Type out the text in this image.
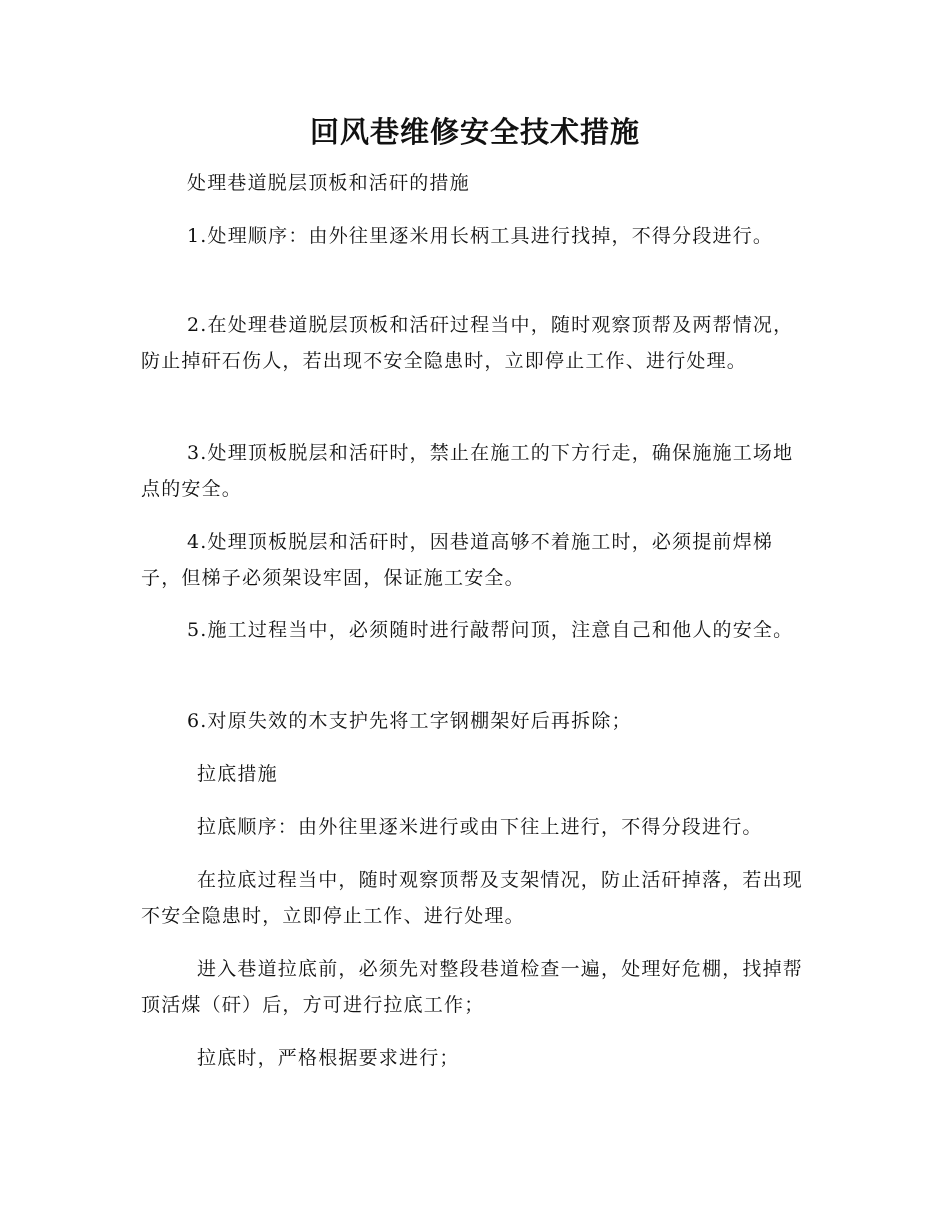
回风巷维修安全技术措施

处理巷道脱层顶板和活矸的措施

1.处理顺序：由外往里逐米用长柄工具进行找掉，不得分段进行。

2.在处理巷道脱层顶板和活矸过程当中，随时观察顶帮及两帮情况，防止掉矸石伤人，若出现不安全隐患时，立即停止工作、进行处理。

3.处理顶板脱层和活矸时，禁止在施工的下方行走，确保施施工场地点的安全。

4.处理顶板脱层和活矸时，因巷道高够不着施工时，必须提前焊梯子，但梯子必须架设牢固，保证施工安全。

5.施工过程当中，必须随时进行敲帮问顶，注意自己和他人的安全。

6.对原失效的木支护先将工字钢棚架好后再拆除；

拉底措施

拉底顺序：由外往里逐米进行或由下往上进行，不得分段进行。

在拉底过程当中，随时观察顶帮及支架情况，防止活矸掉落，若出现不安全隐患时，立即停止工作、进行处理。

进入巷道拉底前，必须先对整段巷道检查一遍，处理好危棚，找掉帮顶活煤（矸）后，方可进行拉底工作；

拉底时，严格根据要求进行；
